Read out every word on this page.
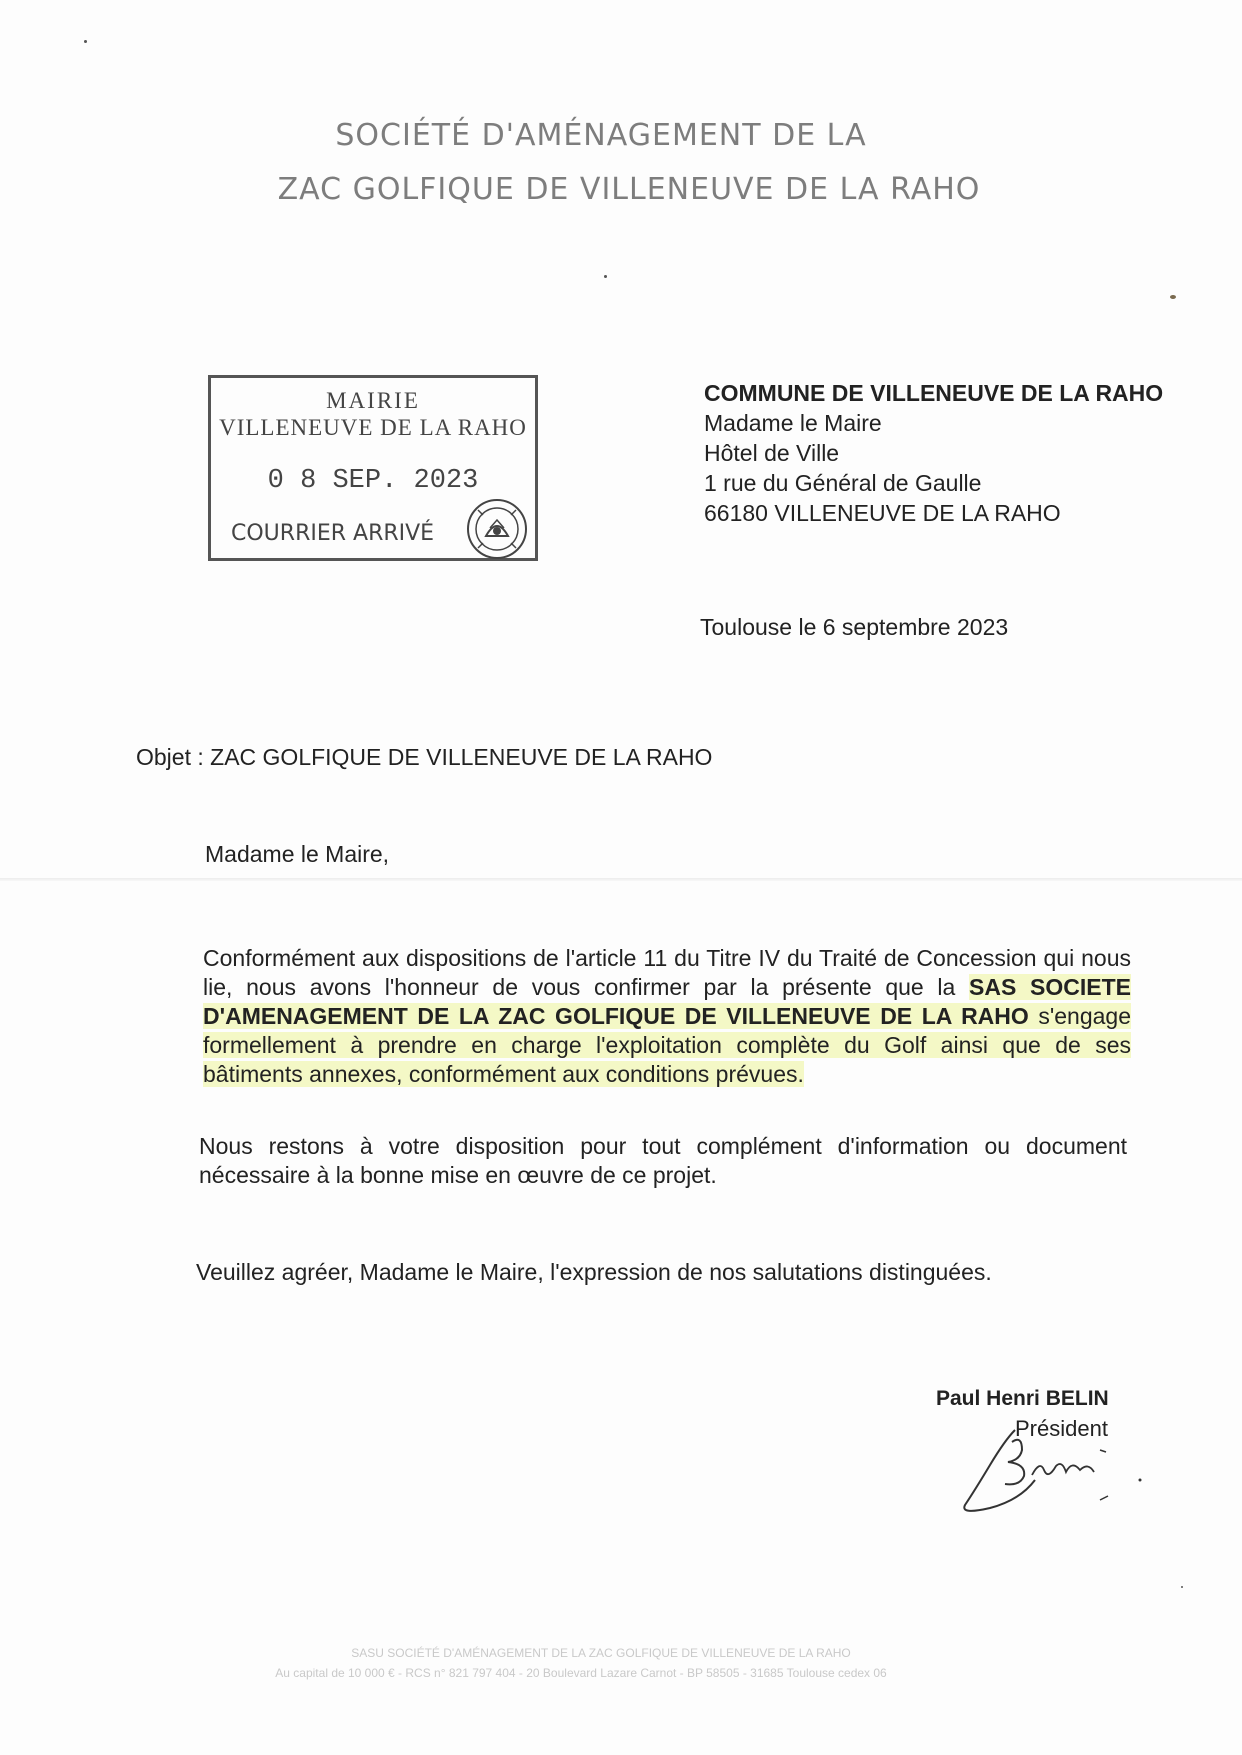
SOCIÉTÉ D'AMÉNAGEMENT DE LA
ZAC GOLFIQUE DE VILLENEUVE DE LA RAHO
MAIRIE
VILLENEUVE DE LA RAHO
0 8 SEP. 2023
COURRIER ARRIVÉ
COMMUNE DE VILLENEUVE DE LA RAHO
Madame le Maire
Hôtel de Ville
1 rue du Général de Gaulle
66180 VILLENEUVE DE LA RAHO
Toulouse le 6 septembre 2023
Objet : ZAC GOLFIQUE DE VILLENEUVE DE LA RAHO
Madame le Maire,
Conformément aux dispositions de l'article 11 du Titre IV du Traité de Concession qui nous lie, nous avons l'honneur de vous confirmer par la présente que la SAS SOCIETE D'AMENAGEMENT DE LA ZAC GOLFIQUE DE VILLENEUVE DE LA RAHO s'engage formellement à prendre en charge l'exploitation complète du Golf ainsi que de ses bâtiments annexes, conformément aux conditions prévues.
Nous restons à votre disposition pour tout complément d'information ou document nécessaire à la bonne mise en œuvre de ce projet.
Veuillez agréer, Madame le Maire, l'expression de nos salutations distinguées.
Paul Henri BELIN
Président
SASU SOCIÉTÉ D'AMÉNAGEMENT DE LA ZAC GOLFIQUE DE VILLENEUVE DE LA RAHO
Au capital de 10 000 € - RCS n° 821 797 404 - 20 Boulevard Lazare Carnot - BP 58505 - 31685 Toulouse cedex 06
